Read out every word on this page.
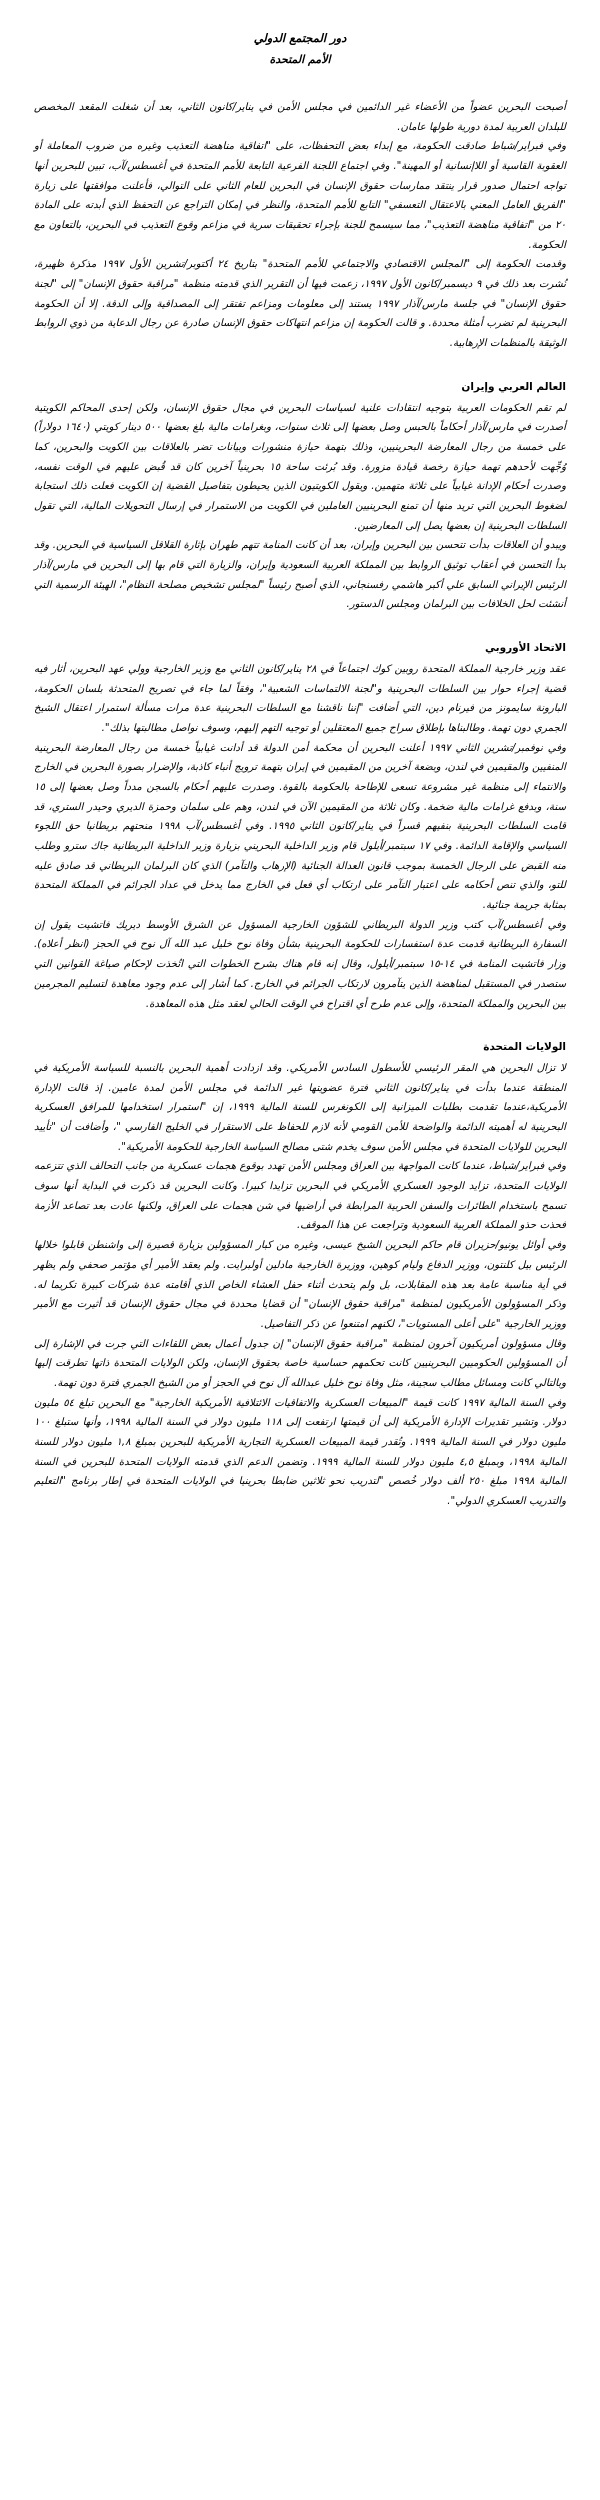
دور المجتمع الدولي
الأمم المتحدة

أصبحت البحرين عضواً من الأعضاء غير الدائمين في مجلس الأمن في يناير/كانون الثاني، بعد أن شغلت المقعد المخصص للبلدان العربية لمدة دورية طولها عامان.

وفي فبراير/شباط صادقت الحكومة، مع إبداء بعض التحفظات، على "اتفاقية مناهضة التعذيب وغيره من ضروب المعاملة أو العقوبة القاسية أو اللاإنسانية أو المهينة". وفي اجتماع اللجنة الفرعية التابعة للأمم المتحدة في أغسطس/آب، تبين للبحرين أنها تواجه احتمال صدور قرار ينتقد ممارسات حقوق الإنسان في البحرين للعام الثاني على التوالي، فأعلنت موافقتها على زيارة "الفريق العامل المعني بالاعتقال التعسفي" التابع للأمم المتحدة، والنظر في إمكان التراجع عن التحفظ الذي أبدته على المادة ٢٠ من "اتفاقية مناهضة التعذيب"، مما سيسمح للجنة بإجراء تحقيقات سرية في مزاعم وقوع التعذيب في البحرين، بالتعاون مع الحكومة.

وقدمت الحكومة إلى "المجلس الاقتصادي والاجتماعي للأمم المتحدة" بتاريخ ٢٤ أكتوبر/تشرين الأول ١٩٩٧ مذكرة ظهيرة، نُشرت بعد ذلك في ٩ ديسمبر/كانون الأول ١٩٩٧، زعمت فيها أن التقرير الذي قدمته منظمة "مراقبة حقوق الإنسان" إلى "لجنة حقوق الإنسان" في جلسة مارس/آذار ١٩٩٧ يستند إلى معلومات ومزاعم تفتقر إلى المصداقية وإلى الدقة. إلا أن الحكومة البحرينية لم تضرب أمثلة محددة. و قالت الحكومة إن مزاعم انتهاكات حقوق الإنسان صادرة عن رجال الدعاية من ذوي الروابط الوثيقة بالمنظمات الإرهابية.

العالم العربي وإيران

لم تقم الحكومات العربية بتوجيه انتقادات علنية لسياسات البحرين في مجال حقوق الإنسان، ولكن إحدى المحاكم الكويتية أصدرت في مارس/آذار أحكاماً بالحبس وصل بعضها إلى ثلاث سنوات، وبغرامات مالية بلغ بعضها ٥٠٠ دينار كويتي (١٦٤٠ دولاراً) على خمسة من رجال المعارضة البحرينيين، وذلك بتهمة حيازة منشورات وبيانات تضر بالعلاقات بين الكويت والبحرين، كما وُجِّهت لأحدهم تهمة حيازة رخصة قيادة مزورة. وقد بُرئت ساحة ١٥ بحرينياً آخرين كان قد قُبض عليهم في الوقت نفسه، وصدرت أحكام الإدانة غيابياً على ثلاثة متهمين. ويقول الكويتيون الذين يحيطون بتفاصيل القضية إن الكويت فعلت ذلك استجابة لضغوط البحرين التي تريد منها أن تمنع البحرينيين العاملين في الكويت من الاستمرار في إرسال التحويلات المالية، التي تقول السلطات البحرينية إن بعضها يصل إلى المعارضين.

ويبدو أن العلاقات بدأت تتحسن بين البحرين وإيران، بعد أن كانت المنامة تتهم طهران بإثارة القلاقل السياسية في البحرين. وقد بدأ التحسن في أعقاب توثيق الروابط بين المملكة العربية السعودية وإيران، والزيارة التي قام بها إلى البحرين في مارس/آذار الرئيس الإيراني السابق علي أكبر هاشمي رفسنجاني، الذي أصبح رئيساً "لمجلس تشخيص مصلحة النظام"، الهيئة الرسمية التي أنشئت لحل الخلافات بين البرلمان ومجلس الدستور.

الاتحاد الأوروبي

عقد وزير خارجية المملكة المتحدة روبين كوك اجتماعاً في ٢٨ يناير/كانون الثاني مع وزير الخارجية وولي عهد البحرين، أثار فيه قضية إجراء حوار بين السلطات البحرينية و"لجنة الالتماسات الشعبية"، وفقاً لما جاء في تصريح المتحدثة بلسان الحكومة، البارونة سايمونز من فيرنام دين، التي أضافت "إننا ناقشنا مع السلطات البحرينية عدة مرات مسألة استمرار اعتقال الشيخ الجمري دون تهمة. وطالبناها بإطلاق سراح جميع المعتقلين أو توجيه التهم إليهم، وسوف نواصل مطالبتها بذلك".

وفي نوفمبر/تشرين الثاني ١٩٩٧ أعلنت البحرين أن محكمة أمن الدولة قد أدانت غيابياً خمسة من رجال المعارضة البحرينية المنفيين والمقيمين في لندن، وبضعة آخرين من المقيمين في إيران بتهمة ترويج أنباء كاذبة، والإضرار بصورة البحرين في الخارج والانتماء إلى منظمة غير مشروعة تسعى للإطاحة بالحكومة بالقوة. وصدرت عليهم أحكام بالسجن مدداً وصل بعضها إلى ١٥ سنة، وبدفع غرامات مالية ضخمة. وكان ثلاثة من المقيمين الآن في لندن، وهم على سلمان وحمزة الديري وحيدر الستري، قد قامت السلطات البحرينية بنفيهم قسراً في يناير/كانون الثاني ١٩٩٥. وفي أغسطس/آب ١٩٩٨ منحتهم بريطانيا حق اللجوء السياسي والإقامة الدائمة. وفي ١٧ سبتمبر/أيلول قام وزير الداخلية البحريني بزيارة وزير الداخلية البريطانية جاك سترو وطلب منه القبض على الرجال الخمسة بموجب قانون العدالة الجنائية (الإرهاب والتآمر) الذي كان البرلمان البريطاني قد صادق عليه للتو، والذي تنص أحكامه على اعتبار التآمر على ارتكاب أي فعل في الخارج مما يدخل في عداد الجرائم في المملكة المتحدة بمثابة جريمة جنائية.

وفي أغسطس/آب كتب وزير الدولة البريطاني للشؤون الخارجية المسؤول عن الشرق الأوسط ديريك فاتشيت يقول إن السفارة البريطانية قدمت عدة استفسارات للحكومة البحرينية بشأن وفاة نوح خليل عبد الله آل نوح في الحجز (انظر أعلاه). وزار فاتشيت المنامة في ١٤-١٥ سبتمبر/أيلول، وقال إنه قام هناك بشرح الخطوات التي اتُخذت لإحكام صياغة القوانين التي ستصدر في المستقبل لمناهضة الذين يتآمرون لارتكاب الجرائم في الخارج. كما أشار إلى عدم وجود معاهدة لتسليم المجرمين بين البحرين والمملكة المتحدة، وإلى عدم طرح أي اقتراح في الوقت الحالي لعقد مثل هذه المعاهدة.

الولايات المتحدة

لا تزال البحرين هي المقر الرئيسي للأسطول السادس الأمريكي. وقد ازدادت أهمية البحرين بالنسبة للسياسة الأمريكية في المنطقة عندما بدأت في يناير/كانون الثاني فترة عضويتها غير الدائمة في مجلس الأمن لمدة عامين. إذ قالت الإدارة الأمريكية،عندما تقدمت بطلبات الميزانية إلى الكونغرس للسنة المالية ١٩٩٩، إن "استمرار استخدامها للمرافق العسكرية البحرينية له أهميته الدائمة والواضحة للأمن القومي لأنه لازم للحفاظ على الاستقرار في الخليج الفارسي "، وأضافت أن "تأييد البحرين للولايات المتحدة في مجلس الأمن سوف يخدم شتى مصالح السياسة الخارجية للحكومة الأمريكية".

وفي فبراير/شباط، عندما كانت المواجهة بين العراق ومجلس الأمن تهدد بوقوع هجمات عسكرية من جانب التحالف الذي تتزعمه الولايات المتحدة، تزايد الوجود العسكري الأمريكي في البحرين تزايدا كبيرا. وكانت البحرين قد ذكرت في البداية أنها سوف تسمح باستخدام الطائرات والسفن الحربية المرابطة في أراضيها في شن هجمات على العراق، ولكنها عادت بعد تصاعد الأزمة فحذت حذو المملكة العربية السعودية وتراجعت عن هذا الموقف.

وفي أوائل يونيو/حزيران قام حاكم البحرين الشيخ عيسى، وغيره من كبار المسؤولين بزيارة قصيرة إلى واشنطن قابلوا خلالها الرئيس بيل كلنتون، ووزير الدفاع وليام كوهين، ووزيرة الخارجية مادلين أولبرايت. ولم يعقد الأمير أي مؤتمر صحفي ولم يظهر في أية مناسبة عامة بعد هذه المقابلات، بل ولم يتحدث أثناء حفل العشاء الخاص الذي أقامته عدة شركات كبيرة تكريما له. وذكر المسؤولون الأمريكيون لمنظمة "مراقبة حقوق الإنسان" أن قضايا محددة في مجال حقوق الإنسان قد أثيرت مع الأمير ووزير الخارجية "على أعلى المستويات"، لكنهم امتنعوا عن ذكر التفاصيل.

وقال مسؤولون أمريكيون آخرون لمنظمة "مراقبة حقوق الإنسان" إن جدول أعمال بعض اللقاءات التي جرت في الإشارة إلى أن المسؤولين الحكوميين البحرينيين كانت تحكمهم حساسية خاصة بحقوق الإنسان، ولكن الولايات المتحدة ذاتها تطرقت إليها وبالتالي كانت ومسائل مطالب سجينة، مثل وفاة نوح خليل عبدالله آل نوح في الحجز أو من الشيخ الجمري قترة دون تهمة.

وفي السنة المالية ١٩٩٧ كانت قيمة "المبيعات العسكرية والاتفاقيات الائتلافية الأمريكية الخارجية" مع البحرين تبلغ ٥٤ مليون دولار. وتشير تقديرات الإدارة الأمريكية إلى أن قيمتها ارتفعت إلى ١١٨ مليون دولار في السنة المالية ١٩٩٨، وأنها ستبلغ ١٠٠ مليون دولار في السنة المالية ١٩٩٩. وتُقدر قيمة المبيعات العسكرية التجارية الأمريكية للبحرين بمبلغ ١,٨ مليون دولار للسنة المالية ١٩٩٨، وبمبلغ ٤,٥ مليون دولار للسنة المالية ١٩٩٩. وتضمن الدعم الذي قدمته الولايات المتحدة للبحرين في السنة المالية ١٩٩٨ مبلغ ٢٥٠ ألف دولار خُصص "لتدريب نحو ثلاثين ضابطا بحرينيا في الولايات المتحدة في إطار برنامج "التعليم والتدريب العسكري الدولي".
